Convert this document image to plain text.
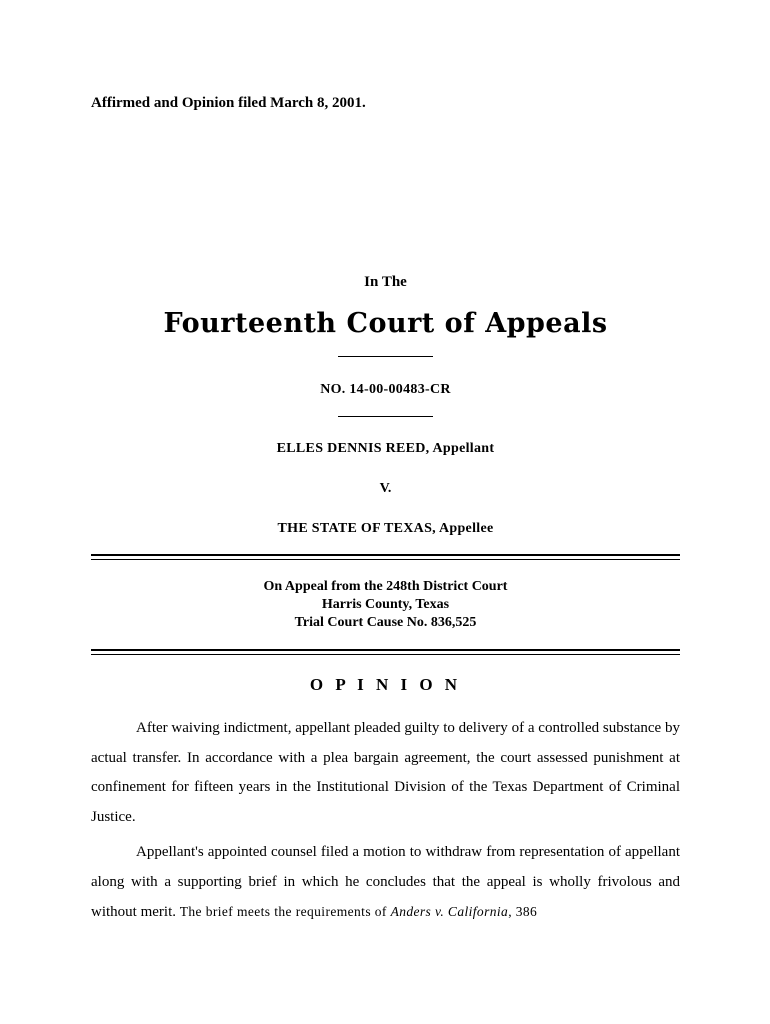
Affirmed and Opinion filed March 8, 2001.
In The
Fourteenth Court of Appeals
NO. 14-00-00483-CR
ELLES DENNIS REED, Appellant
V.
THE STATE OF TEXAS, Appellee
On Appeal from the 248th District Court
Harris County, Texas
Trial Court Cause No. 836,525
O P I N I O N

After waiving indictment, appellant pleaded guilty to delivery of a controlled substance by actual transfer. In accordance with a plea bargain agreement, the court assessed punishment at confinement for fifteen years in the Institutional Division of the Texas Department of Criminal Justice.

Appellant's appointed counsel filed a motion to withdraw from representation of appellant along with a supporting brief in which he concludes that the appeal is wholly frivolous and without merit. The brief meets the requirements of Anders v. California, 386
